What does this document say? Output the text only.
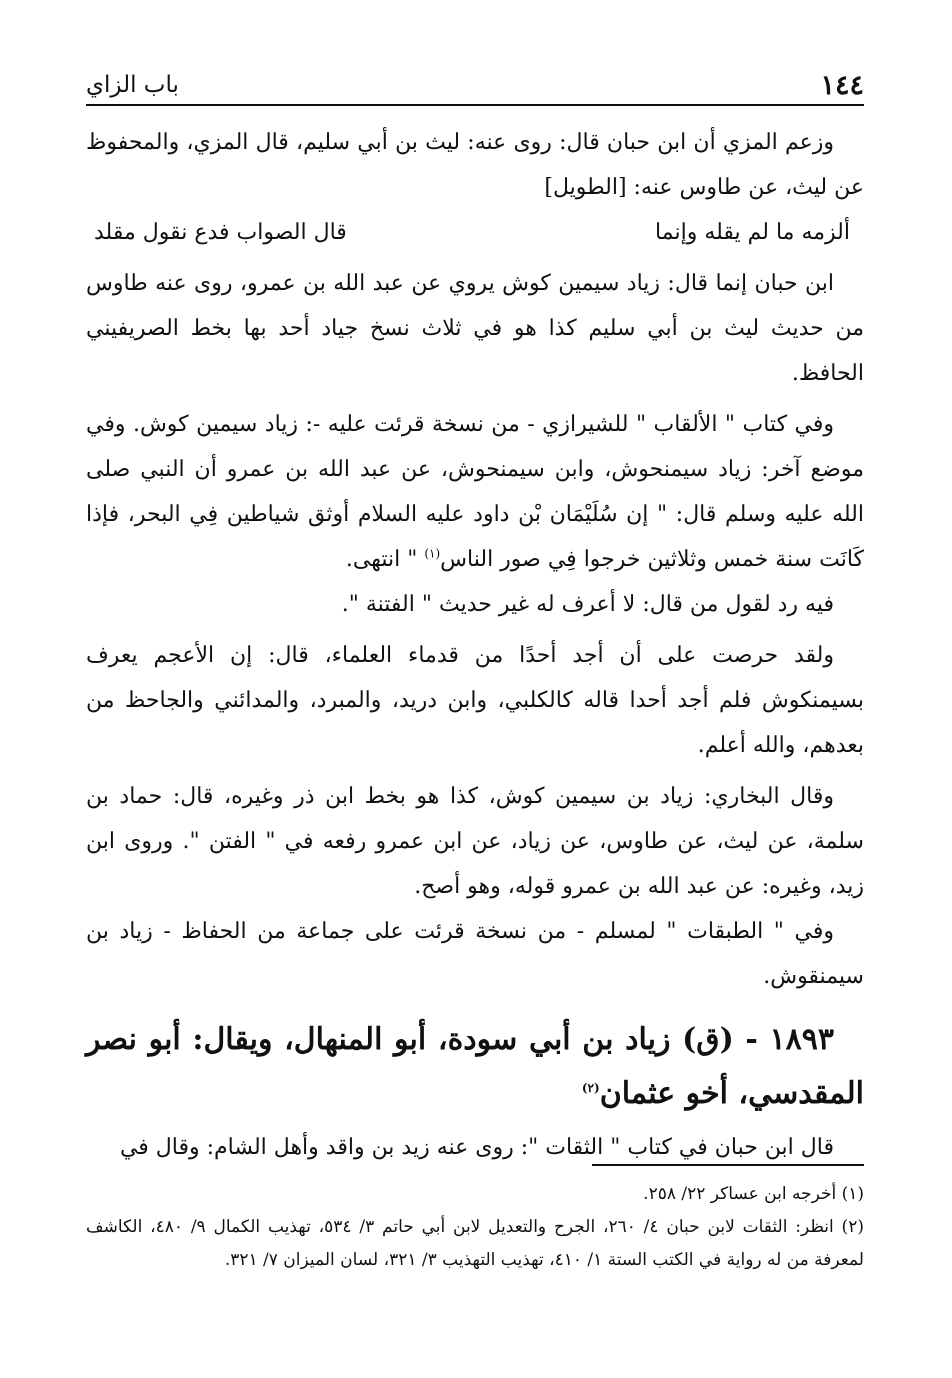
١٤٤
باب الزاي

وزعم المزي أن ابن حبان قال: روى عنه: ليث بن أبي سليم، قال المزي، والمحفوظ عن ليث، عن طاوس عنه: [الطويل]

ألزمه ما لم يقله وإنما
قال الصواب فدع نقول مقلد

ابن حبان إنما قال: زياد سيمين كوش يروي عن عبد الله بن عمرو، روى عنه طاوس من حديث ليث بن أبي سليم كذا هو في ثلاث نسخ جياد أحد بها بخط الصريفيني الحافظ.

وفي كتاب " الألقاب " للشيرازي - من نسخة قرئت عليه -: زياد سيمين كوش. وفي موضع آخر: زياد سيمنحوش، وابن سيمنحوش، عن عبد الله بن عمرو أن النبي صلى الله عليه وسلم قال: " إن سُلَيْمَان بْن داود عليه السلام أوثق شياطين فِي البحر، فإذا كَانَت سنة خمس وثلاثين خرجوا فِي صور الناس$^{(١)}$ " انتهى.

فيه رد لقول من قال: لا أعرف له غير حديث " الفتنة ".

ولقد حرصت على أن أجد أحدًا من قدماء العلماء، قال: إن الأعجم يعرف بسيمنكوش فلم أجد أحدا قاله كالكلبي، وابن دريد، والمبرد، والمدائني والجاحظ من بعدهم، والله أعلم.

وقال البخاري: زياد بن سيمين كوش، كذا هو بخط ابن ذر وغيره، قال: حماد بن سلمة، عن ليث، عن طاوس، عن زياد، عن ابن عمرو رفعه في " الفتن ". وروى ابن زيد، وغيره: عن عبد الله بن عمرو قوله، وهو أصح.

وفي " الطبقات " لمسلم - من نسخة قرئت على جماعة من الحفاظ - زياد بن سيمنقوش.

١٨٩٣ - (ق) زياد بن أبي سودة، أبو المنهال، ويقال: أبو نصر المقدسي، أخو عثمان$^{(٢)}$

قال ابن حبان في كتاب " الثقات ": روى عنه زيد بن واقد وأهل الشام: وقال في

(١) أخرجه ابن عساكر ٢٢/ ٢٥٨.

(٢) انظر: الثقات لابن حبان ٤/ ٢٦٠، الجرح والتعديل لابن أبي حاتم ٣/ ٥٣٤، تهذيب الكمال ٩/ ٤٨٠، الكاشف لمعرفة من له رواية في الكتب الستة ١/ ٤١٠، تهذيب التهذيب ٣/ ٣٢١، لسان الميزان ٧/ ٣٢١.
